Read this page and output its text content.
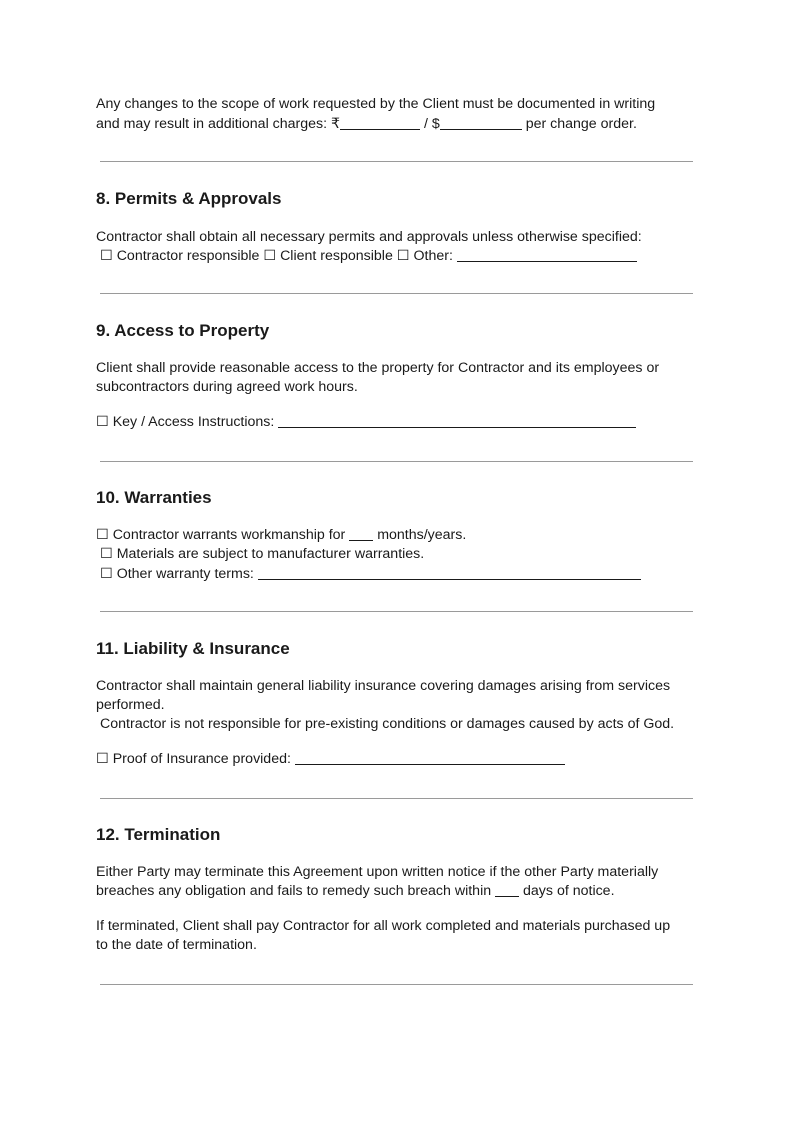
Any changes to the scope of work requested by the Client must be documented in writing

and may result in additional charges: ₹	/ $	per change order.

8. Permits & Approvals

Contractor shall obtain all necessary permits and approvals unless otherwise specified:

☐ Contractor responsible ☐ Client responsible ☐ Other:

9. Access to Property

Client shall provide reasonable access to the property for Contractor and its employees or

subcontractors during agreed work hours.

☐ Key / Access Instructions:

10. Warranties

☐ Contractor warrants workmanship for months/years.

☐ Materials are subject to manufacturer warranties.

☐ Other warranty terms:

11. Liability & Insurance

Contractor shall maintain general liability insurance covering damages arising from services

performed.

Contractor is not responsible for pre-existing conditions or damages caused by acts of God.

☐ Proof of Insurance provided:

12. Termination

Either Party may terminate this Agreement upon written notice if the other Party materially

breaches any obligation and fails to remedy such breach within days of notice.

If terminated, Client shall pay Contractor for all work completed and materials purchased up

to the date of termination.
